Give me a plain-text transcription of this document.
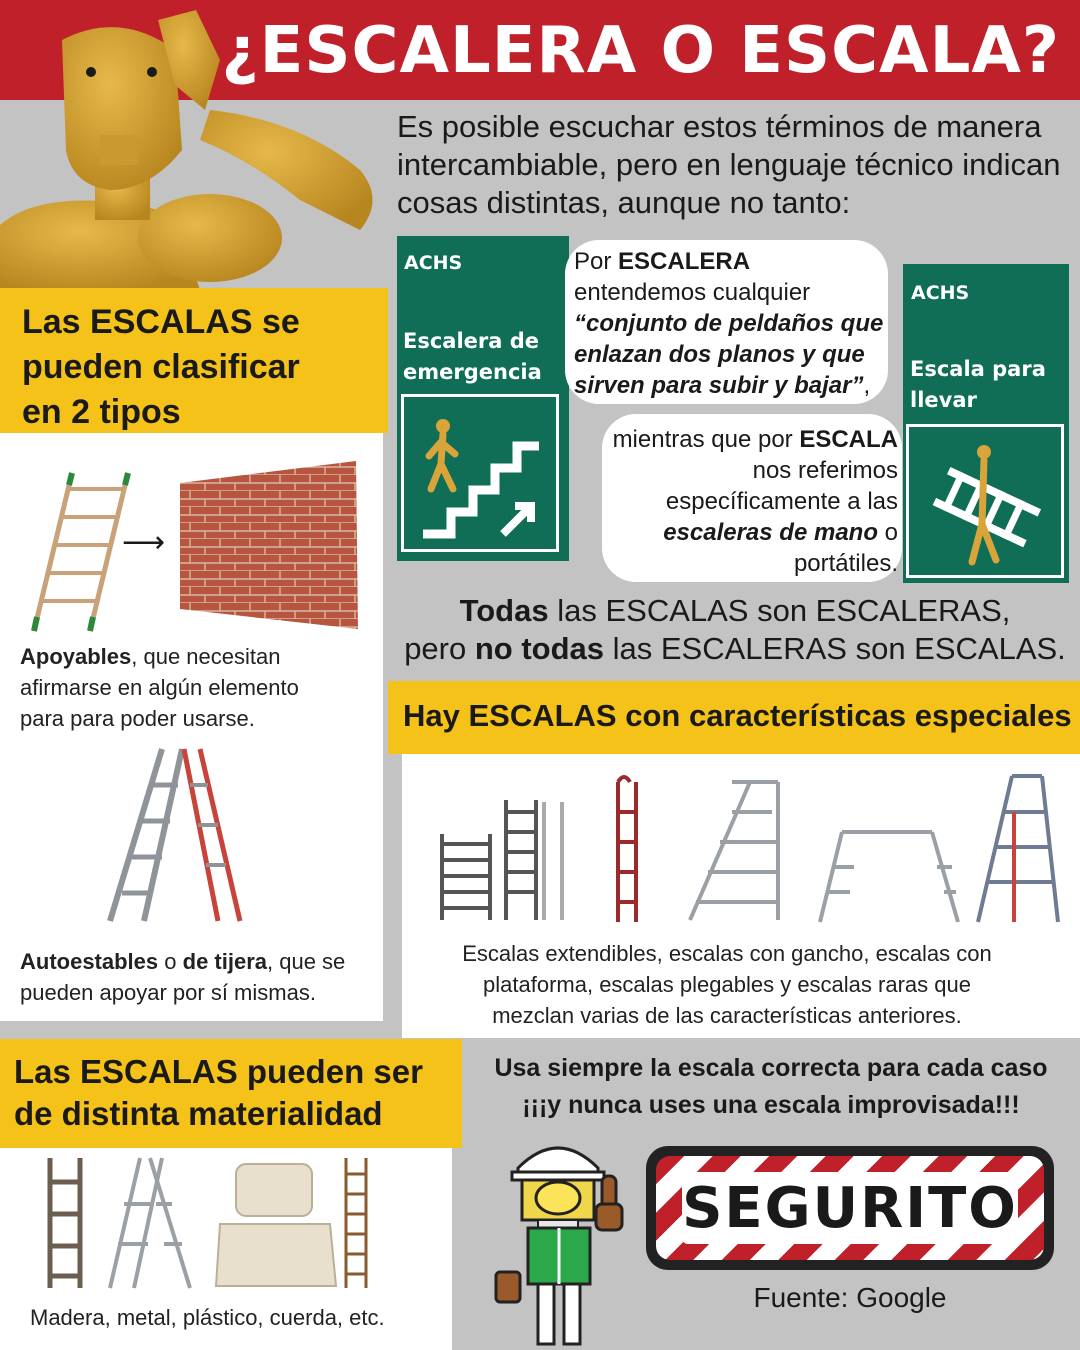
¿ESCALERA O ESCALA?
Es posible escuchar estos términos de manera intercambiable, pero en lenguaje técnico indican cosas distintas, aunque no tanto:
ACHS
Escalera de
emergencia
Por ESCALERA
entendemos cualquier
“conjunto de peldaños que
enlazan dos planos y que
sirven para subir y bajar”,
ACHS
Escala para
llevar
mientras que por ESCALA
nos referimos
específicamente a las
escaleras de mano o
portátiles.
Todas las ESCALAS son ESCALERAS,
pero no todas las ESCALERAS son ESCALAS.
Las ESCALAS se
pueden clasificar
en 2 tipos
⟶
Apoyables, que necesitan
afirmarse en algún elemento
para para poder usarse.
Autoestables o de tijera, que se
pueden apoyar por sí mismas.
Hay ESCALAS con características especiales
Escalas extendibles, escalas con gancho, escalas con
plataforma, escalas plegables y escalas raras que
mezclan varias de las características anteriores.
Las ESCALAS pueden ser
de distinta materialidad
Madera, metal, plástico, cuerda, etc.
Usa siempre la escala correcta para cada caso
¡¡¡y nunca uses una escala improvisada!!!
SEGURITO
Fuente: Google
